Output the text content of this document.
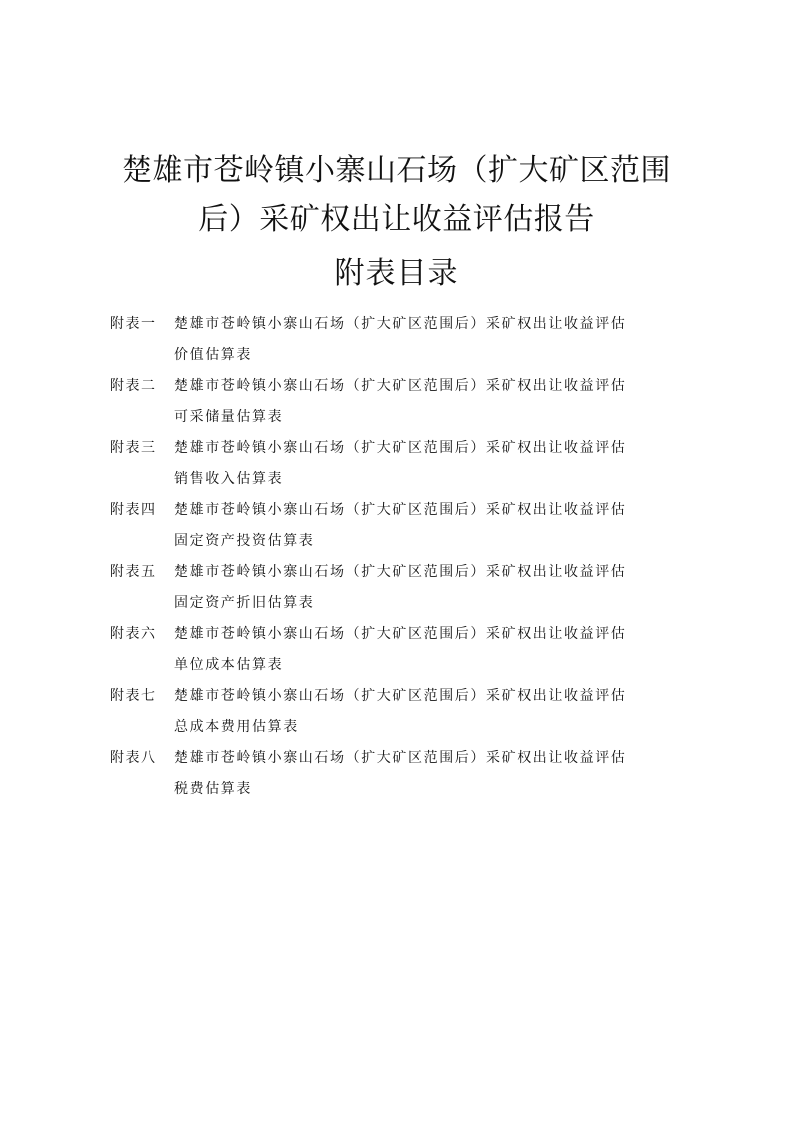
楚雄市苍岭镇小寨山石场（扩大矿区范围
后）采矿权出让收益评估报告
附表目录
附表一 楚雄市苍岭镇小寨山石场（扩大矿区范围后）采矿权出让收益评估
价值估算表
附表二 楚雄市苍岭镇小寨山石场（扩大矿区范围后）采矿权出让收益评估
可采储量估算表
附表三 楚雄市苍岭镇小寨山石场（扩大矿区范围后）采矿权出让收益评估
销售收入估算表
附表四 楚雄市苍岭镇小寨山石场（扩大矿区范围后）采矿权出让收益评估
固定资产投资估算表
附表五 楚雄市苍岭镇小寨山石场（扩大矿区范围后）采矿权出让收益评估
固定资产折旧估算表
附表六 楚雄市苍岭镇小寨山石场（扩大矿区范围后）采矿权出让收益评估
单位成本估算表
附表七 楚雄市苍岭镇小寨山石场（扩大矿区范围后）采矿权出让收益评估
总成本费用估算表
附表八 楚雄市苍岭镇小寨山石场（扩大矿区范围后）采矿权出让收益评估
税费估算表
